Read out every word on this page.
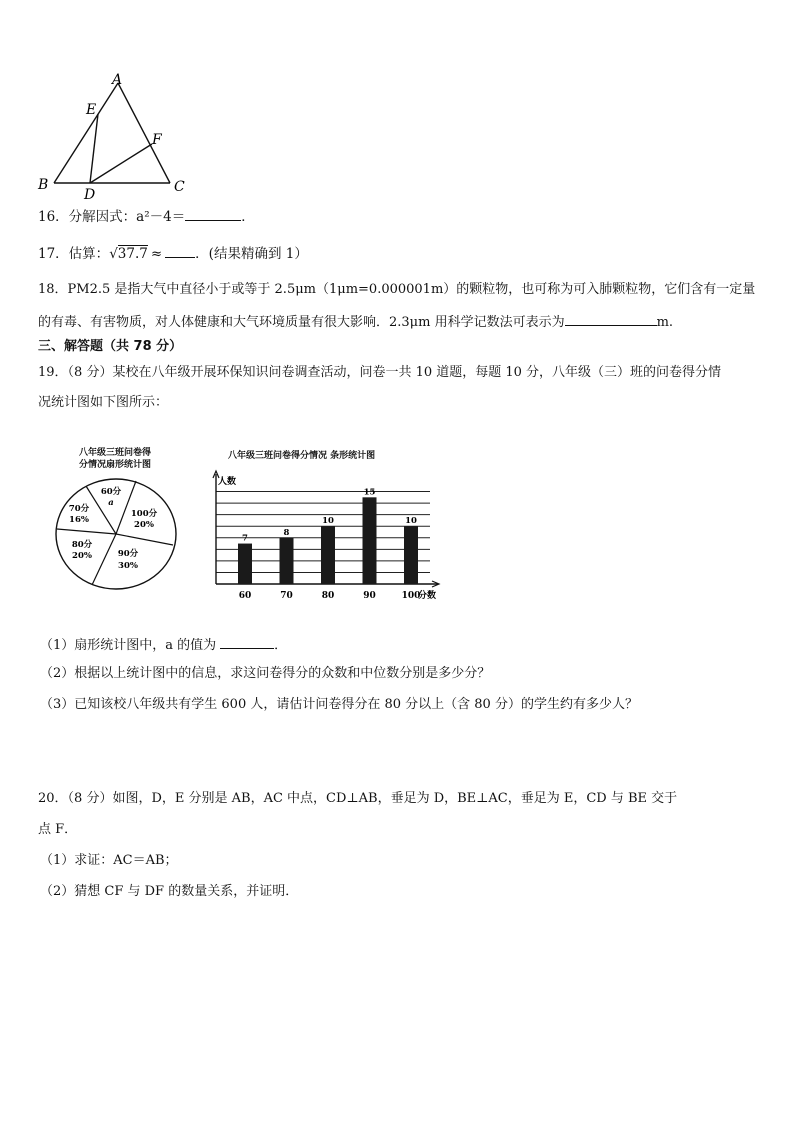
A
B	C
D
E
F
16．分解因式：a²－4＝	．
17．估算：√37.7 ≈ ．(结果精确到 1）
18．PM2.5 是指大气中直径小于或等于 2.5μm（1μm=0.000001m）的颗粒物，也可称为可入肺颗粒物，它们含有一定量
的有毒、有害物质，对人体健康和大气环境质量有很大影响．2.3μm 用科学记数法可表示为	m.
三、解答题（共 78 分）
19．（8 分）某校在八年级开展环保知识问卷调查活动，问卷一共 10 道题，每题 10 分，八年级（三）班的问卷得分情
况统计图如下图所示：
八年级三班问卷得
分情况扇形统计图
60分
a
100分
20%
90分
30%
80分
20%
70分
16%
八年级三班问卷得分情况 条形统计图
人数
分数
7
60
8
70
10
80
15
90
10
100
（1）扇形统计图中，a 的值为	．
（2）根据以上统计图中的信息，求这问卷得分的众数和中位数分别是多少分？
（3）已知该校八年级共有学生 600 人，请估计问卷得分在 80 分以上（含 80 分）的学生约有多少人？
20．（8 分）如图，D，E 分别是 AB，AC 中点，CD⊥AB，垂足为 D，BE⊥AC，垂足为 E，CD 与 BE 交于
点 F．
（1）求证：AC＝AB；
（2）猜想 CF 与 DF 的数量关系，并证明．
